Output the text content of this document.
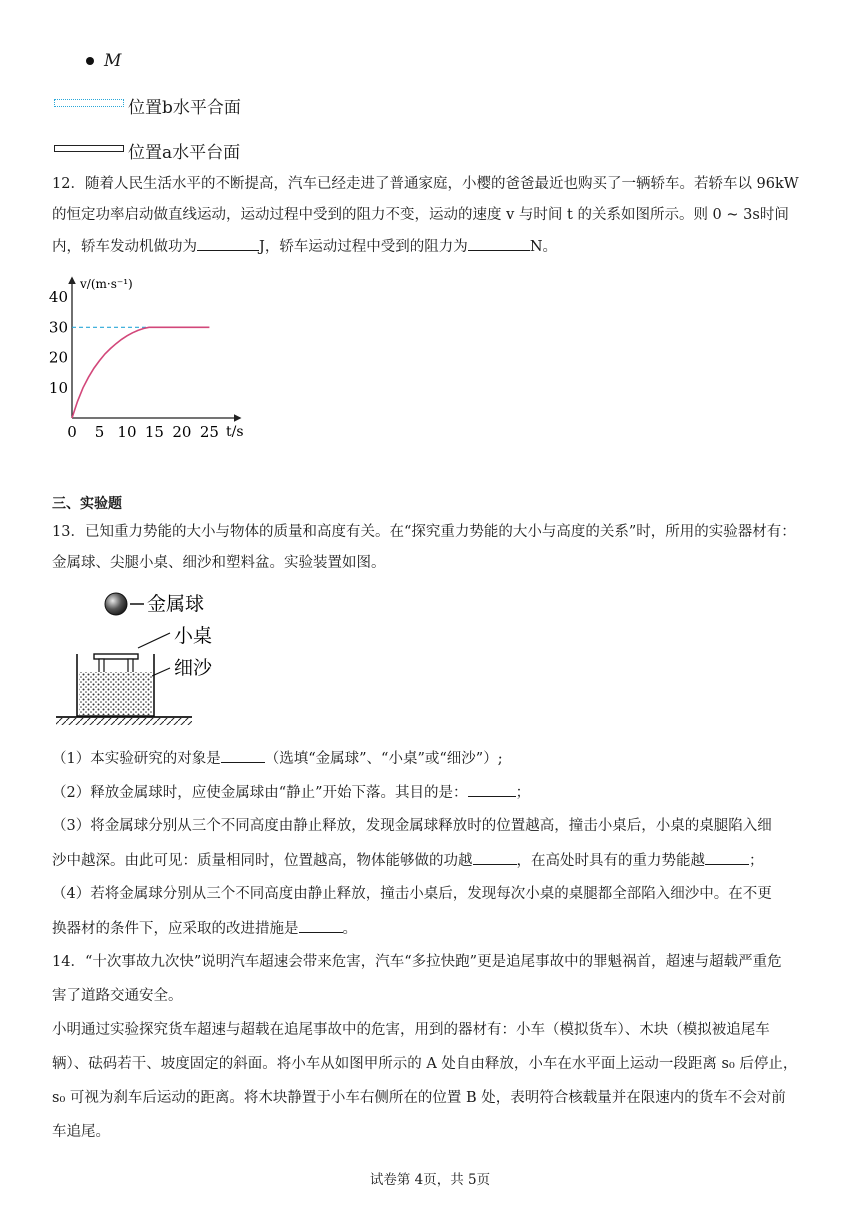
M
位置b水平合面
位置a水平台面
12．随着人民生活水平的不断提高，汽车已经走进了普通家庭，小樱的爸爸最近也购买了一辆轿车。若轿车以 96kW
的恒定功率启动做直线运动，运动过程中受到的阻力不变，运动的速度 v 与时间 t 的关系如图所示。则 0 ~ 3s时间
内，轿车发动机做功为	J，轿车运动过程中受到的阻力为	N。
v/(m·s⁻¹)
t/s
10
20
30
40
0 5 10 15 20 25
三、实验题
13．已知重力势能的大小与物体的质量和高度有关。在“探究重力势能的大小与高度的关系”时，所用的实验器材有：
金属球、尖腿小桌、细沙和塑料盆。实验装置如图。
金属球
小桌
细沙
（1）本实验研究的对象是	（选填“金属球”、“小桌”或“细沙”）;
（2）释放金属球时，应使金属球由“静止”开始下落。其目的是：	；
（3）将金属球分别从三个不同高度由静止释放，发现金属球释放时的位置越高，撞击小桌后，小桌的桌腿陷入细
沙中越深。由此可见：质量相同时，位置越高，物体能够做的功越	，在高处时具有的重力势能越	；
（4）若将金属球分别从三个不同高度由静止释放，撞击小桌后，发现每次小桌的桌腿都全部陷入细沙中。在不更
换器材的条件下，应采取的改进措施是	。
14．“十次事故九次快”说明汽车超速会带来危害，汽车“多拉快跑”更是追尾事故中的罪魁祸首，超速与超载严重危
害了道路交通安全。
小明通过实验探究货车超速与超载在追尾事故中的危害，用到的器材有：小车（模拟货车）、木块（模拟被追尾车
辆）、砝码若干、坡度固定的斜面。将小车从如图甲所示的 A 处自由释放，小车在水平面上运动一段距离 s₀ 后停止，
s₀ 可视为刹车后运动的距离。将木块静置于小车右侧所在的位置 B 处，表明符合核载量并在限速内的货车不会对前
车追尾。
试卷第 4页，共 5页
